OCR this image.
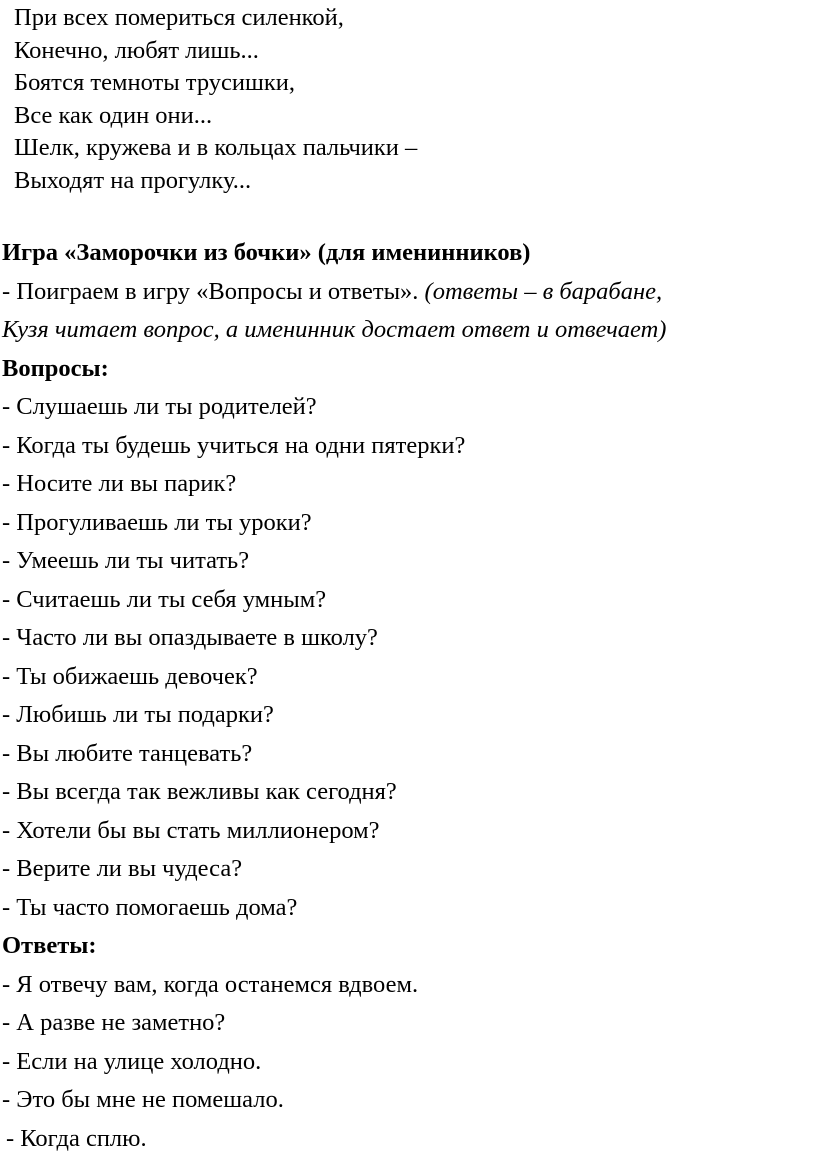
При всех помериться силенкой,
Конечно, любят лишь...
Боятся темноты трусишки,
Все как один они...
Шелк, кружева и в кольцах пальчики –
Выходят на прогулку...
Игра «Заморочки из бочки» (для именинников)
- Поиграем в игру «Вопросы и ответы». (ответы – в барабане,
Кузя читает вопрос, а именинник достает ответ и отвечает)
Вопросы:
- Слушаешь ли ты родителей?
- Когда ты будешь учиться на одни пятерки?
- Носите ли вы парик?
- Прогуливаешь ли ты уроки?
- Умеешь ли ты читать?
- Считаешь ли ты себя умным?
- Часто ли вы опаздываете в школу?
- Ты обижаешь девочек?
- Любишь ли ты подарки?
- Вы любите танцевать?
- Вы всегда так вежливы как сегодня?
- Хотели бы вы стать миллионером?
- Верите ли вы чудеса?
- Ты часто помогаешь дома?
Ответы:
- Я отвечу вам, когда останемся вдвоем.
- А разве не заметно?
- Если на улице холодно.
- Это бы мне не помешало.
- Когда сплю.
